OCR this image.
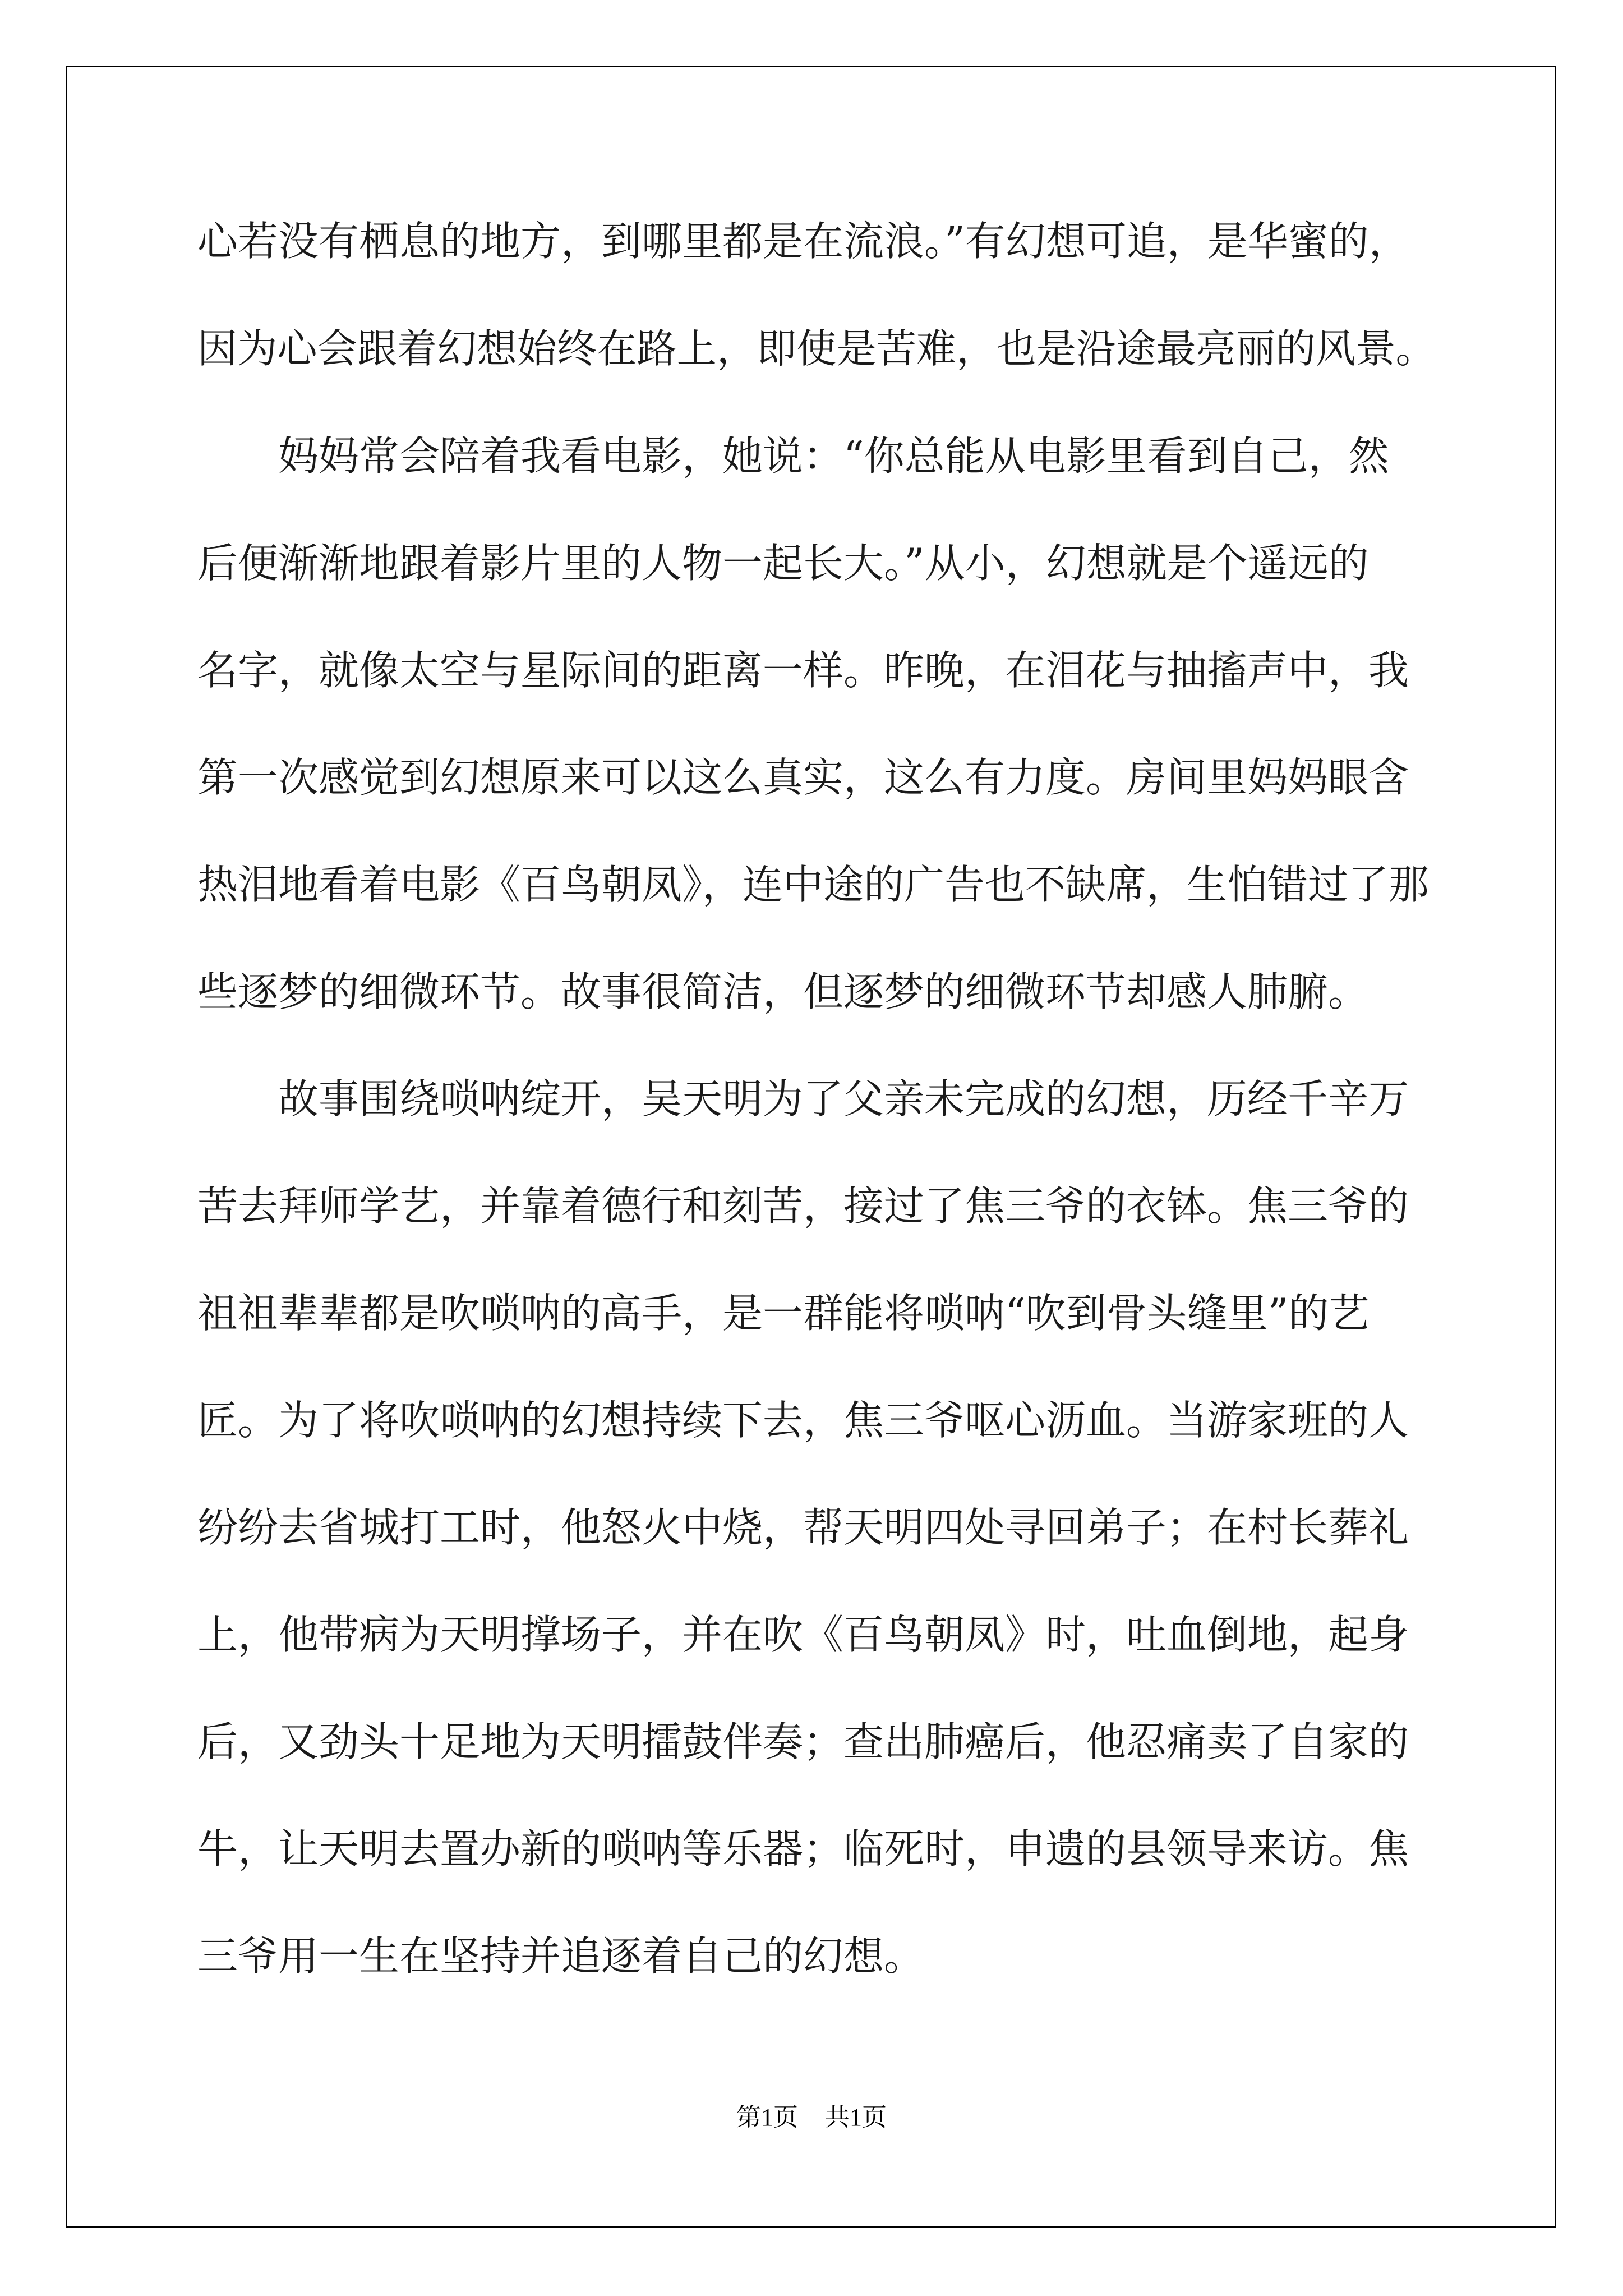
心若没有栖息的地方，到哪里都是在流浪。”有幻想可追，是华蜜的，

因为心会跟着幻想始终在路上，即使是苦难，也是沿途最亮丽的风景。

　　妈妈常会陪着我看电影，她说：“你总能从电影里看到自己，然

后便渐渐地跟着影片里的人物一起长大。”从小，幻想就是个遥远的

名字，就像太空与星际间的距离一样。昨晚，在泪花与抽搐声中，我

第一次感觉到幻想原来可以这么真实，这么有力度。房间里妈妈眼含

热泪地看着电影《百鸟朝凤》，连中途的广告也不缺席，生怕错过了那

些逐梦的细微环节。故事很简洁，但逐梦的细微环节却感人肺腑。

　　故事围绕唢呐绽开，吴天明为了父亲未完成的幻想，历经千辛万

苦去拜师学艺，并靠着德行和刻苦，接过了焦三爷的衣钵。焦三爷的

祖祖辈辈都是吹唢呐的高手，是一群能将唢呐“吹到骨头缝里”的艺

匠。为了将吹唢呐的幻想持续下去，焦三爷呕心沥血。当游家班的人

纷纷去省城打工时，他怒火中烧，帮天明四处寻回弟子；在村长葬礼

上，他带病为天明撑场子，并在吹《百鸟朝凤》时，吐血倒地，起身

后，又劲头十足地为天明擂鼓伴奏；查出肺癌后，他忍痛卖了自家的

牛，让天明去置办新的唢呐等乐器；临死时，申遗的县领导来访。焦

三爷用一生在坚持并追逐着自己的幻想。

第1页 共1页
